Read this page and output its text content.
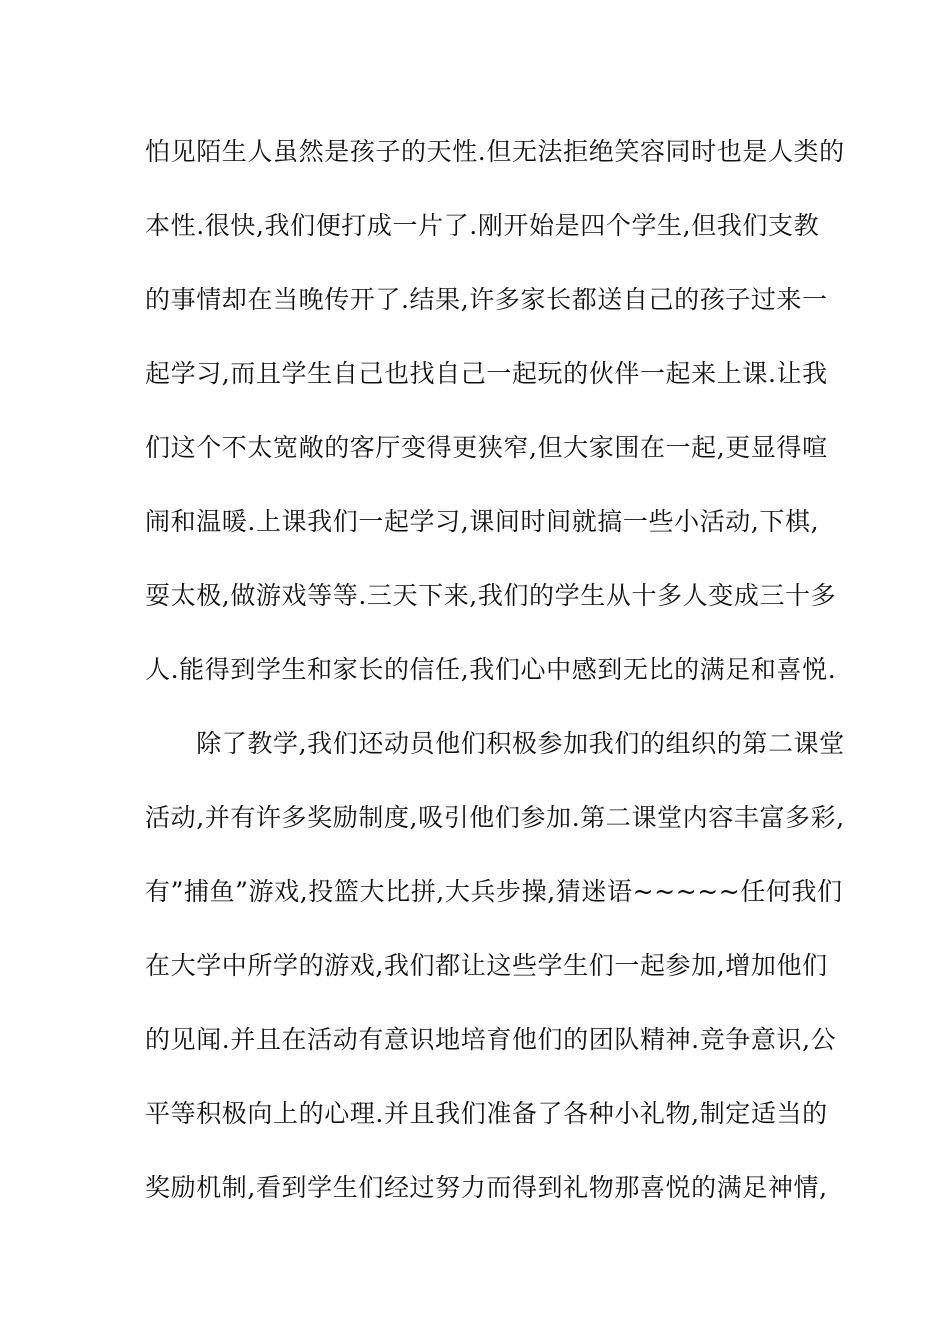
怕见陌生人虽然是孩子的天性.但无法拒绝笑容同时也是人类的
本性.很快,我们便打成一片了.刚开始是四个学生,但我们支教
的事情却在当晚传开了.结果,许多家长都送自己的孩子过来一
起学习,而且学生自己也找自己一起玩的伙伴一起来上课.让我
们这个不太宽敞的客厅变得更狭窄,但大家围在一起,更显得喧
闹和温暖.上课我们一起学习,课间时间就搞一些小活动,下棋,
耍太极,做游戏等等.三天下来,我们的学生从十多人变成三十多
人.能得到学生和家长的信任,我们心中感到无比的满足和喜悦.
　　除了教学,我们还动员他们积极参加我们的组织的第二课堂
活动,并有许多奖励制度,吸引他们参加.第二课堂内容丰富多彩,
有”捕鱼”游戏,投篮大比拼,大兵步操,猜迷语~~~~~任何我们
在大学中所学的游戏,我们都让这些学生们一起参加,增加他们
的见闻.并且在活动有意识地培育他们的团队精神.竞争意识,公
平等积极向上的心理.并且我们准备了各种小礼物,制定适当的
奖励机制,看到学生们经过努力而得到礼物那喜悦的满足神情,
